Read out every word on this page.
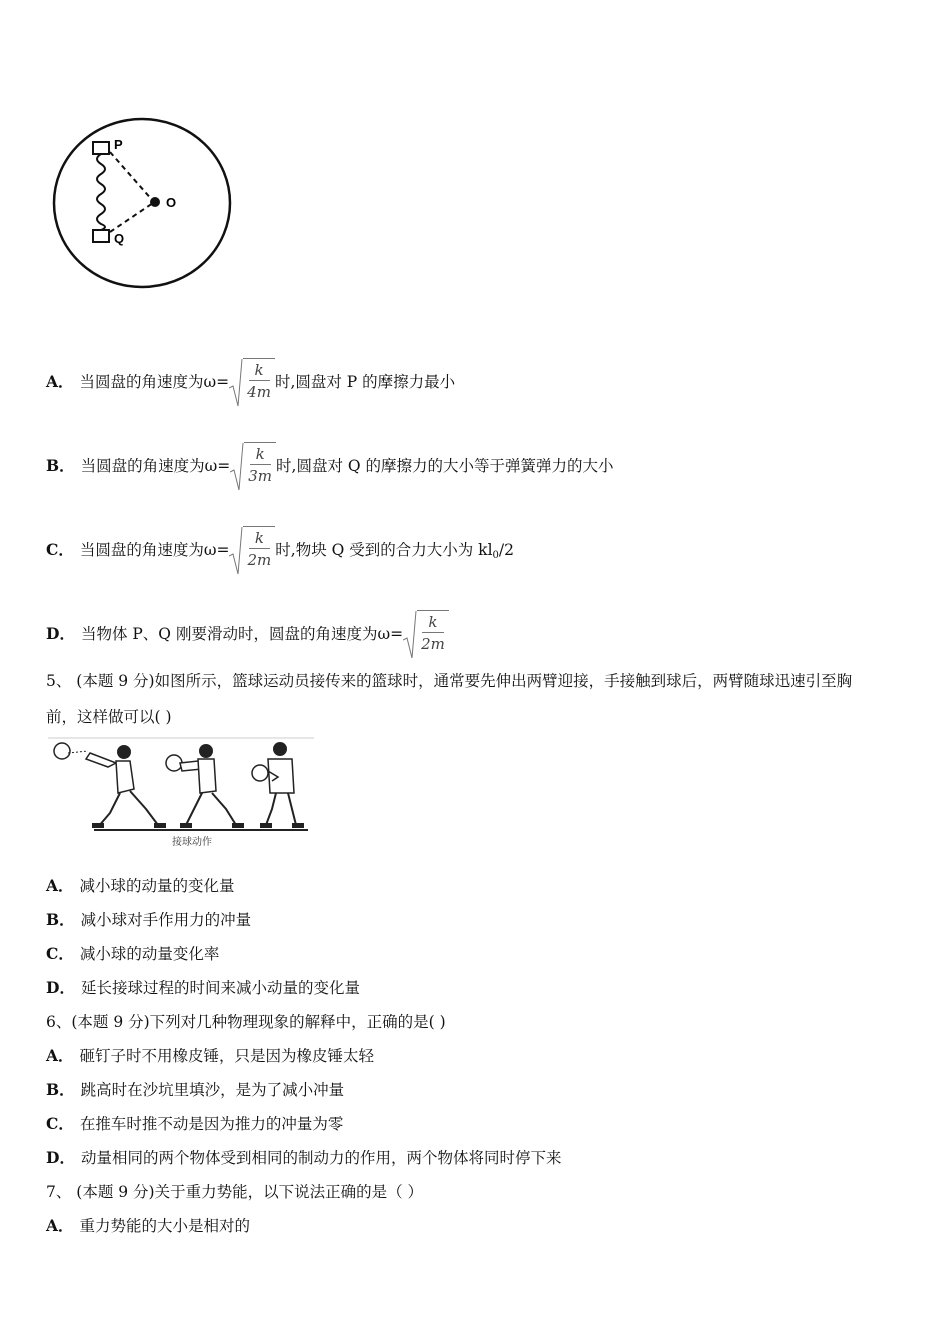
P
Q
O
A． 当圆盘的角速度为$\omega= \frac{k}{4m}$ 时,圆盘对 P 的摩擦力最小
B． 当圆盘的角速度为$\omega= \frac{k}{3m}$ 时,圆盘对 Q 的摩擦力的大小等于弹簧弹力的大小
C． 当圆盘的角速度为$\omega= \frac{k}{2m}$ 时,物块 Q 受到的合力大小为 kl0/2
D． 当物体 P、Q 刚要滑动时，圆盘的角速度为$\omega= \frac{k}{2m}$
5、 (本题 9 分)如图所示，篮球运动员接传来的篮球时，通常要先伸出两臂迎接，手接触到球后，两臂随球迅速引至胸
前，这样做可以( )
接球动作
A． 减小球的动量的变化量
B． 减小球对手作用力的冲量
C． 减小球的动量变化率
D． 延长接球过程的时间来减小动量的变化量
6、(本题 9 分)下列对几种物理现象的解释中，正确的是( )
A． 砸钉子时不用橡皮锤，只是因为橡皮锤太轻
B． 跳高时在沙坑里填沙，是为了减小冲量
C． 在推车时推不动是因为推力的冲量为零
D． 动量相同的两个物体受到相同的制动力的作用，两个物体将同时停下来
7、 (本题 9 分)关于重力势能，以下说法正确的是（ ）
A． 重力势能的大小是相对的
